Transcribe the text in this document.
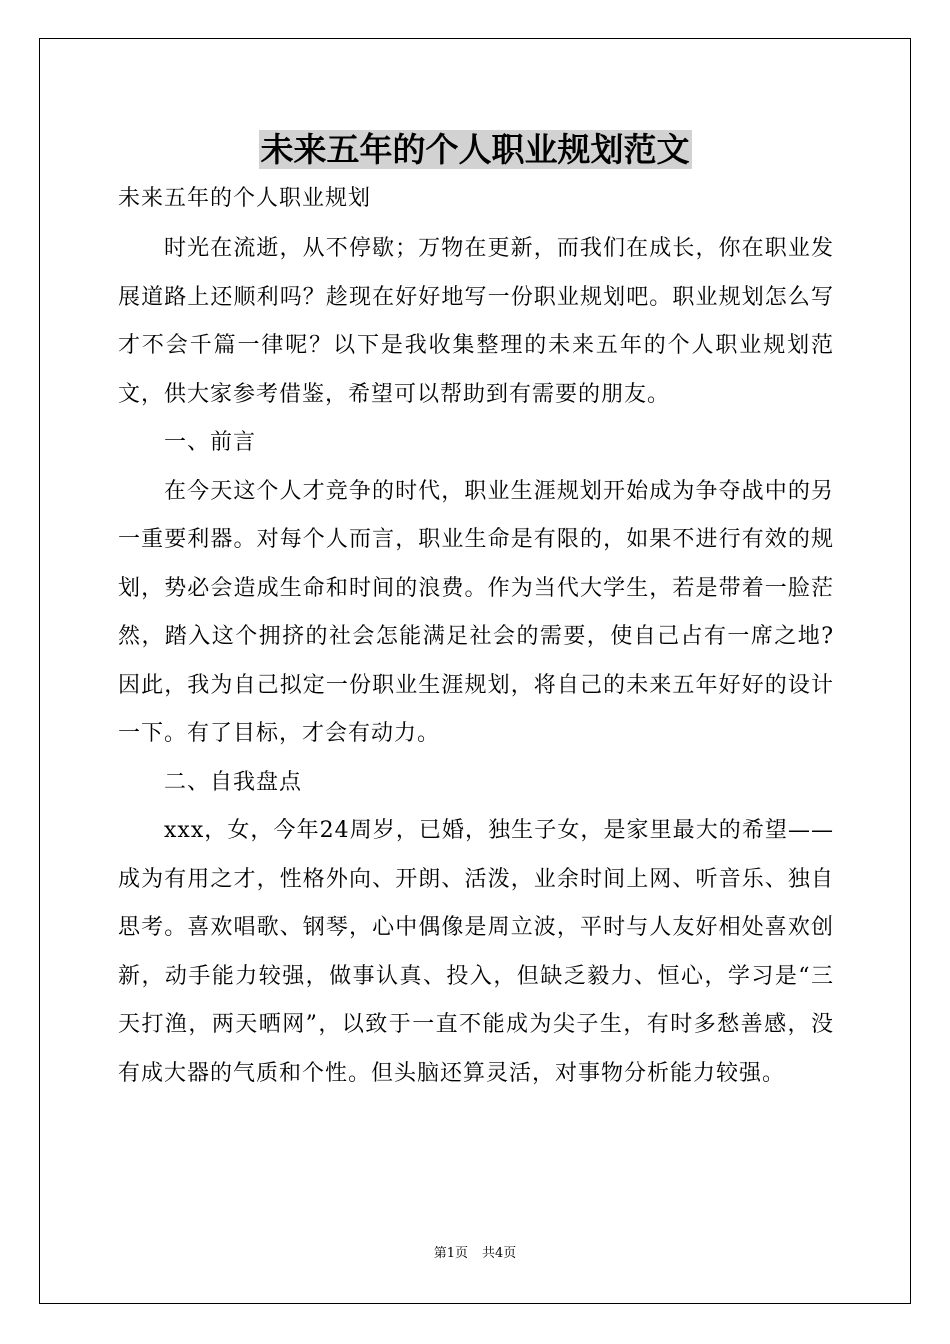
未来五年的个人职业规划范文

未来五年的个人职业规划

时光在流逝，从不停歇；万物在更新，而我们在成长，你在职业发展道路上还顺利吗？趁现在好好地写一份职业规划吧。职业规划怎么写才不会千篇一律呢？以下是我收集整理的未来五年的个人职业规划范文，供大家参考借鉴，希望可以帮助到有需要的朋友。

一、前言

在今天这个人才竞争的时代，职业生涯规划开始成为争夺战中的另一重要利器。对每个人而言，职业生命是有限的，如果不进行有效的规划，势必会造成生命和时间的浪费。作为当代大学生，若是带着一脸茫然，踏入这个拥挤的社会怎能满足社会的需要，使自己占有一席之地?因此，我为自己拟定一份职业生涯规划，将自己的未来五年好好的设计一下。有了目标，才会有动力。

二、自我盘点

xxx，女，今年24周岁，已婚，独生子女，是家里最大的希望——成为有用之才，性格外向、开朗、活泼，业余时间上网、听音乐、独自思考。喜欢唱歌、钢琴，心中偶像是周立波，平时与人友好相处喜欢创新，动手能力较强，做事认真、投入，但缺乏毅力、恒心，学习是“三天打渔，两天晒网”，以致于一直不能成为尖子生，有时多愁善感，没有成大器的气质和个性。但头脑还算灵活，对事物分析能力较强。

第1页 共4页
